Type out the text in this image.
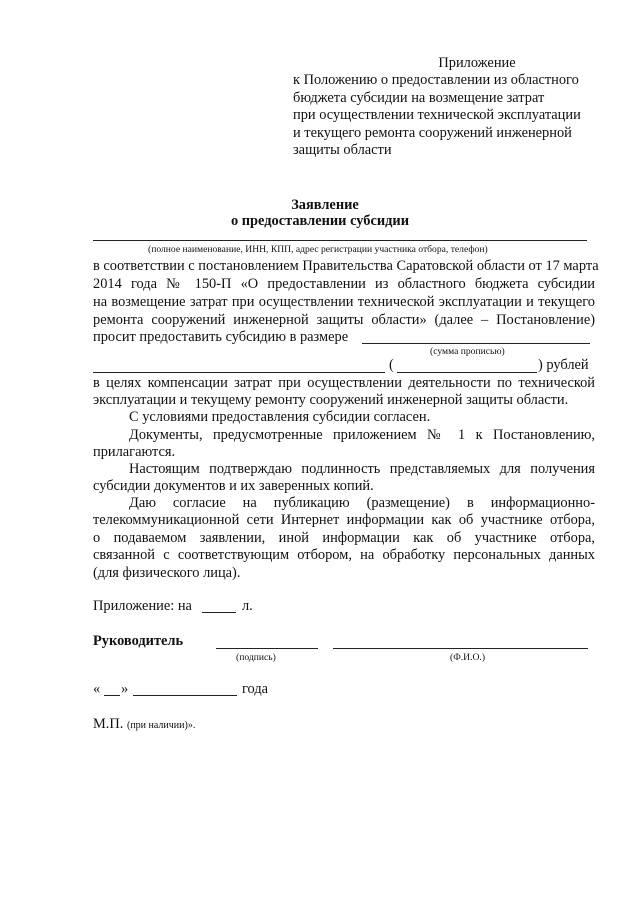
Приложение
к Положению о предоставлении из областного
бюджета субсидии на возмещение затрат
при осуществлении технической эксплуатации
и текущего ремонта сооружений инженерной
защиты области
Заявление
о предоставлении субсидии
(полное наименование, ИНН, КПП, адрес регистрации участника отбора, телефон)
в соответствии с постановлением Правительства Саратовской области от 17 марта
2014 года № 150-П «О предоставлении из областного бюджета субсидии
на возмещение затрат при осуществлении технической эксплуатации и текущего
ремонта сооружений инженерной защиты области» (далее – Постановление)
просит предоставить субсидию в размере
(сумма прописью)
(	) рублей
в целях компенсации затрат при осуществлении деятельности по технической
эксплуатации и текущему ремонту сооружений инженерной защиты области.
С условиями предоставления субсидии согласен.
Документы, предусмотренные приложением № 1 к Постановлению,
прилагаются.
Настоящим подтверждаю подлинность представляемых для получения
субсидии документов и их заверенных копий.
Даю согласие на публикацию (размещение) в информационно-
телекоммуникационной сети Интернет информации как об участнике отбора,
о подаваемом заявлении, иной информации как об участнике отбора,
связанной с соответствующим отбором, на обработку персональных данных
(для физического лица).
Приложение: на	л.
Руководитель
(подпись)	(Ф.И.О.)
« »	года
М.П. (при наличии)».
